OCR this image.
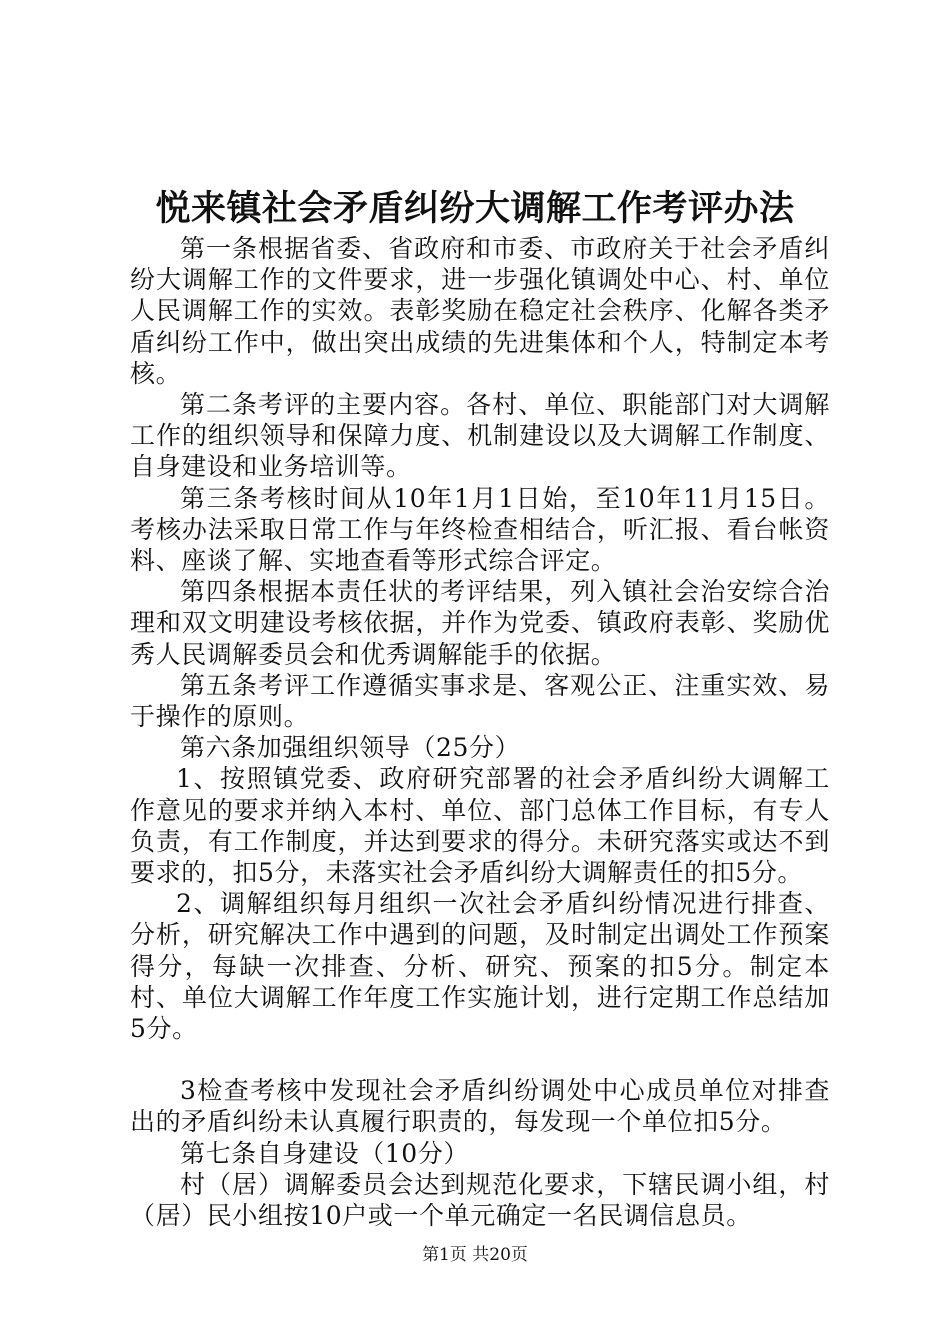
悦来镇社会矛盾纠纷大调解工作考评办法

第一条根据省委、省政府和市委、市政府关于社会矛盾纠纷大调解工作的文件要求，进一步强化镇调处中心、村、单位人民调解工作的实效。表彰奖励在稳定社会秩序、化解各类矛盾纠纷工作中，做出突出成绩的先进集体和个人，特制定本考核。

第二条考评的主要内容。各村、单位、职能部门对大调解工作的组织领导和保障力度、机制建设以及大调解工作制度、自身建设和业务培训等。

第三条考核时间从10年1月1日始，至10年11月15日。考核办法采取日常工作与年终检查相结合，听汇报、看台帐资料、座谈了解、实地查看等形式综合评定。

第四条根据本责任状的考评结果，列入镇社会治安综合治理和双文明建设考核依据，并作为党委、镇政府表彰、奖励优秀人民调解委员会和优秀调解能手的依据。

第五条考评工作遵循实事求是、客观公正、注重实效、易于操作的原则。

第六条加强组织领导（25分）

1、按照镇党委、政府研究部署的社会矛盾纠纷大调解工作意见的要求并纳入本村、单位、部门总体工作目标，有专人负责，有工作制度，并达到要求的得分。未研究落实或达不到要求的，扣5分，未落实社会矛盾纠纷大调解责任的扣5分。

2、调解组织每月组织一次社会矛盾纠纷情况进行排查、分析，研究解决工作中遇到的问题，及时制定出调处工作预案得分，每缺一次排查、分析、研究、预案的扣5分。制定本村、单位大调解工作年度工作实施计划，进行定期工作总结加5分。

3检查考核中发现社会矛盾纠纷调处中心成员单位对排查出的矛盾纠纷未认真履行职责的，每发现一个单位扣5分。

第七条自身建设（10分）

村（居）调解委员会达到规范化要求，下辖民调小组，村（居）民小组按10户或一个单元确定一名民调信息员。

第1页 共20页
